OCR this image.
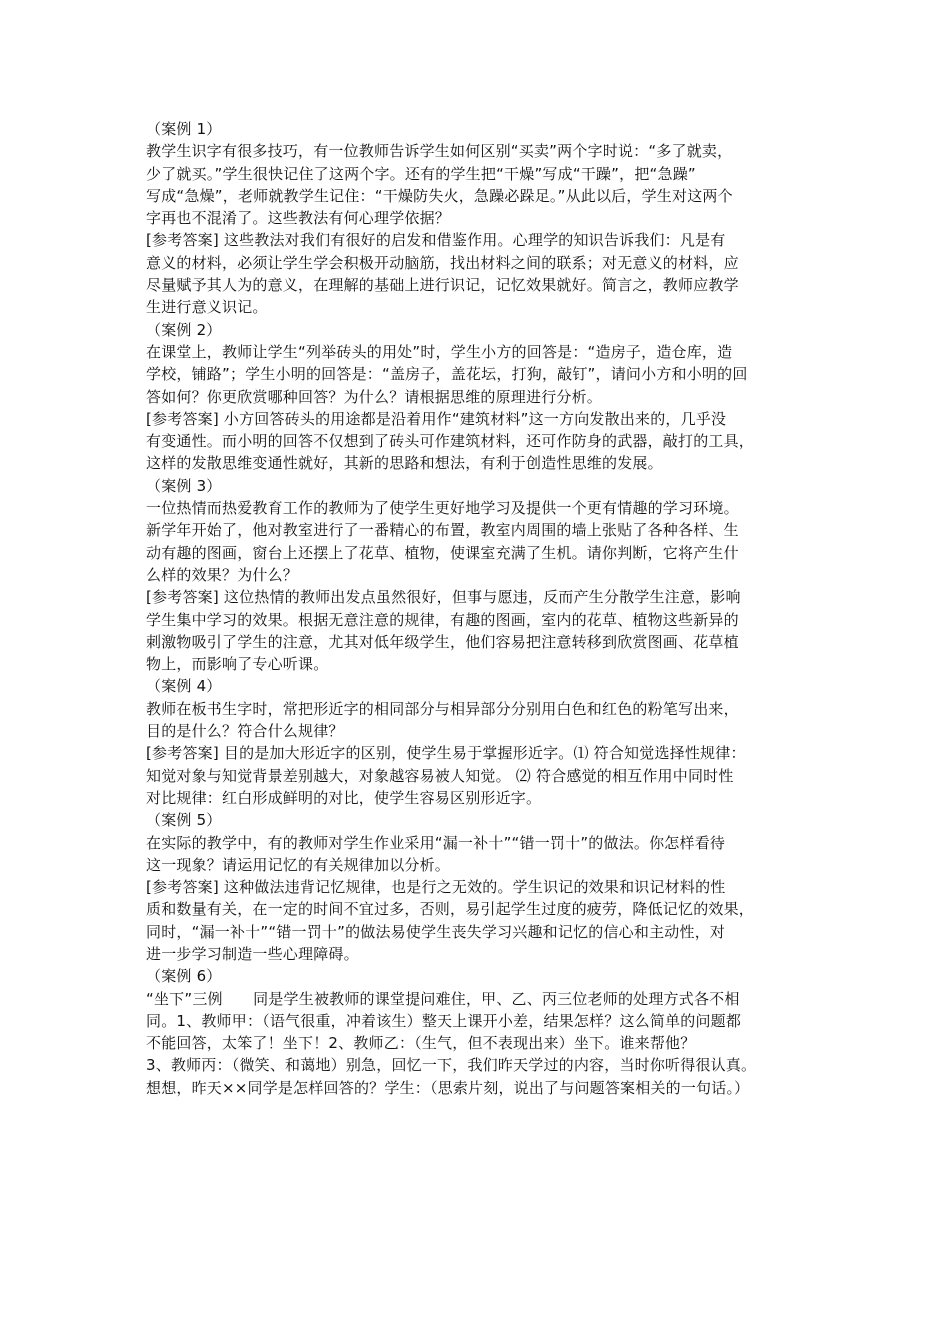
（案例 1）
教学生识字有很多技巧，有一位教师告诉学生如何区别“买卖”两个字时说：“多了就卖，
少了就买。”学生很快记住了这两个字。还有的学生把“干燥”写成“干躁”，把“急躁”
写成“急燥”，老师就教学生记住：“干燥防失火，急躁必跺足。”从此以后，学生对这两个
字再也不混淆了。这些教法有何心理学依据？
[参考答案] 这些教法对我们有很好的启发和借鉴作用。心理学的知识告诉我们：凡是有
意义的材料，必须让学生学会积极开动脑筋，找出材料之间的联系；对无意义的材料，应
尽量赋予其人为的意义，在理解的基础上进行识记，记忆效果就好。简言之，教师应教学
生进行意义识记。
（案例 2）
在课堂上，教师让学生“列举砖头的用处”时，学生小方的回答是：“造房子，造仓库，造
学校，铺路”；学生小明的回答是：“盖房子，盖花坛，打狗，敲钉”，请问小方和小明的回
答如何？你更欣赏哪种回答？为什么？请根据思维的原理进行分析。
[参考答案] 小方回答砖头的用途都是沿着用作“建筑材料”这一方向发散出来的，几乎没
有变通性。而小明的回答不仅想到了砖头可作建筑材料，还可作防身的武器，敲打的工具，
这样的发散思维变通性就好，其新的思路和想法，有利于创造性思维的发展。
（案例 3）
一位热情而热爱教育工作的教师为了使学生更好地学习及提供一个更有情趣的学习环境。
新学年开始了，他对教室进行了一番精心的布置，教室内周围的墙上张贴了各种各样、生
动有趣的图画，窗台上还摆上了花草、植物，使课室充满了生机。请你判断，它将产生什
么样的效果？为什么？
[参考答案] 这位热情的教师出发点虽然很好，但事与愿违，反而产生分散学生注意，影响
学生集中学习的效果。根据无意注意的规律，有趣的图画，室内的花草、植物这些新异的
刺激物吸引了学生的注意，尤其对低年级学生，他们容易把注意转移到欣赏图画、花草植
物上，而影响了专心听课。
（案例 4）
教师在板书生字时，常把形近字的相同部分与相异部分分别用白色和红色的粉笔写出来，
目的是什么？符合什么规律？
[参考答案] 目的是加大形近字的区别，使学生易于掌握形近字。⑴ 符合知觉选择性规律：
知觉对象与知觉背景差别越大，对象越容易被人知觉。 ⑵ 符合感觉的相互作用中同时性
对比规律：红白形成鲜明的对比，使学生容易区别形近字。
（案例 5）
在实际的教学中，有的教师对学生作业采用“漏一补十”“错一罚十”的做法。你怎样看待
这一现象？请运用记忆的有关规律加以分析。
[参考答案] 这种做法违背记忆规律，也是行之无效的。学生识记的效果和识记材料的性
质和数量有关，在一定的时间不宜过多，否则，易引起学生过度的疲劳，降低记忆的效果，
同时，“漏一补十”“错一罚十”的做法易使学生丧失学习兴趣和记忆的信心和主动性，对
进一步学习制造一些心理障碍。
（案例 6）
“坐下”三例　　同是学生被教师的课堂提问难住，甲、乙、丙三位老师的处理方式各不相
同。1、教师甲：（语气很重，冲着该生）整天上课开小差，结果怎样？这么简单的问题都
不能回答，太笨了！坐下！2、教师乙：（生气，但不表现出来）坐下。谁来帮他？
3、教师丙：（微笑、和蔼地）别急，回忆一下，我们昨天学过的内容，当时你听得很认真。
想想，昨天××同学是怎样回答的？学生：（思索片刻，说出了与问题答案相关的一句话。）
